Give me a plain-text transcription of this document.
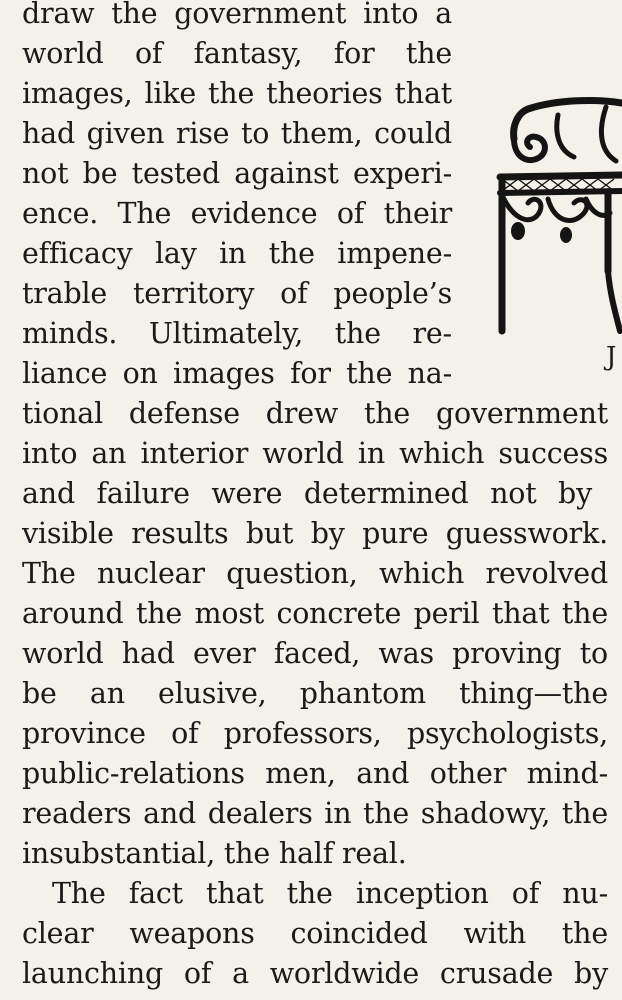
draw the government into a

world of fantasy, for the

images, like the theories that

had given rise to them, could

not be tested against experi-

ence. The evidence of their

efficacy lay in the impene-

trable territory of people’s

minds. Ultimately, the re-

liance on images for the na-

tional defense drew the government

into an interior world in which success

and failure were determined not by

visible results but by pure guesswork.

The nuclear question, which revolved

around the most concrete peril that the

world had ever faced, was proving to

be an elusive, phantom thing—the

province of professors, psychologists,

public-relations men, and other mind-

readers and dealers in the shadowy, the

insubstantial, the half real.

The fact that the inception of nu-

clear weapons coincided with the

launching of a worldwide crusade by

J
